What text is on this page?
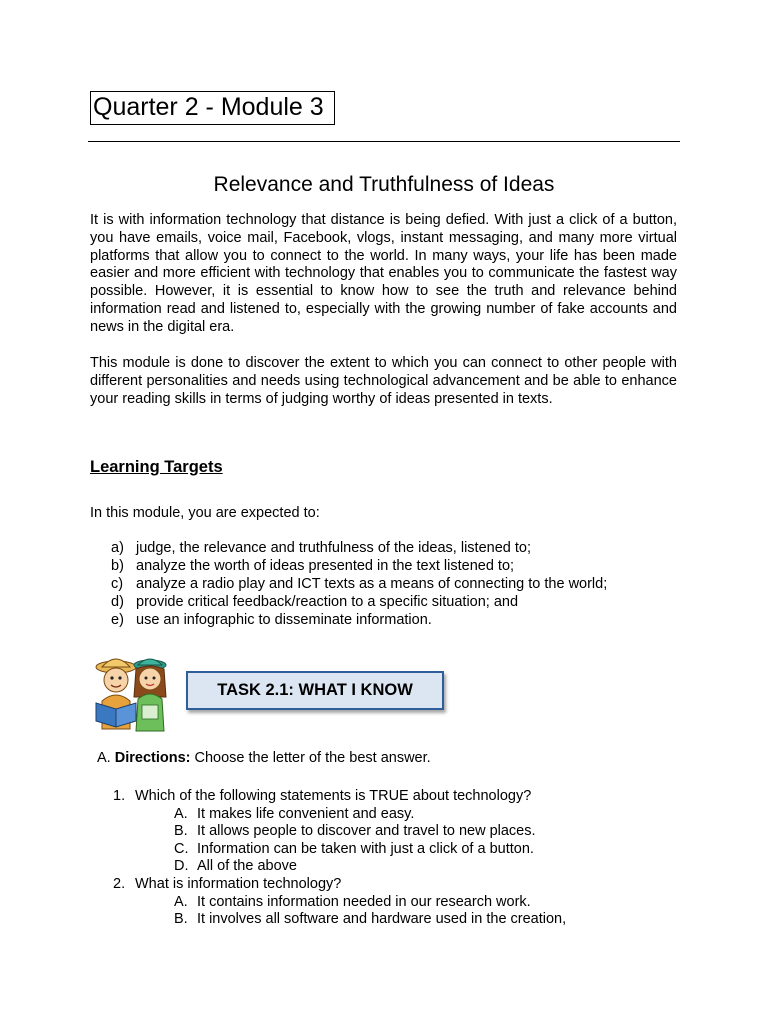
Quarter 2 - Module 3
Relevance and Truthfulness of Ideas

It is with information technology that distance is being defied. With just a click of a button, you have emails, voice mail, Facebook, vlogs, instant messaging, and many more virtual platforms that allow you to connect to the world. In many ways, your life has been made easier and more efficient with technology that enables you to communicate the fastest way possible. However, it is essential to know how to see the truth and relevance behind information read and listened to, especially with the growing number of fake accounts and news in the digital era.

This module is done to discover the extent to which you can connect to other people with different personalities and needs using technological advancement and be able to enhance your reading skills in terms of judging worthy of ideas presented in texts.

Learning Targets
In this module, you are expected to:
a) judge, the relevance and truthfulness of the ideas, listened to;
b) analyze the worth of ideas presented in the text listened to;
c) analyze a radio play and ICT texts as a means of connecting to the world;
d) provide critical feedback/reaction to a specific situation; and
e) use an infographic to disseminate information.
TASK 2.1: WHAT I KNOW
A. Directions: Choose the letter of the best answer.
1. Which of the following statements is TRUE about technology?
A. It makes life convenient and easy.
B. It allows people to discover and travel to new places.
C. Information can be taken with just a click of a button.
D. All of the above
2. What is information technology?
A. It contains information needed in our research work.
B. It involves all software and hardware used in the creation,
